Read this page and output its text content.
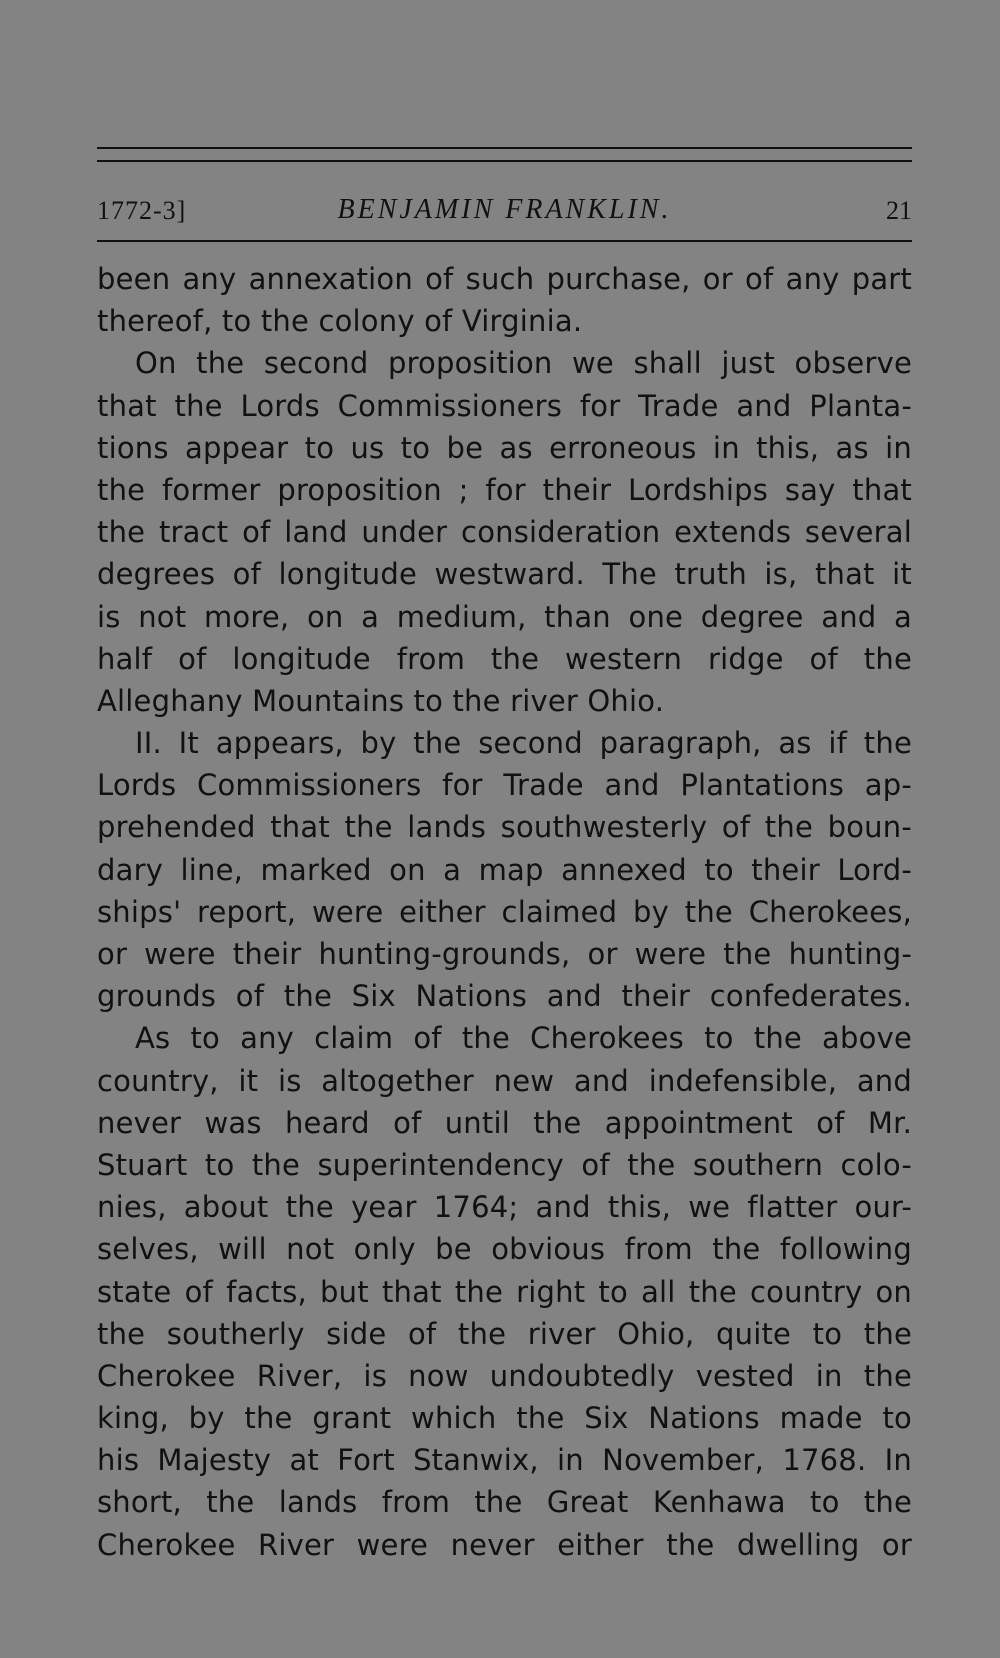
1772-3]	BENJAMIN FRANKLIN.	21
been any annexation of such purchase, or of any part
thereof, to the colony of Virginia.
On the second proposition we shall just observe
that the Lords Commissioners for Trade and Planta-
tions appear to us to be as erroneous in this, as in
the former proposition ; for their Lordships say that
the tract of land under consideration extends several
degrees of longitude westward. The truth is, that it
is not more, on a medium, than one degree and a
half of longitude from the western ridge of the
Alleghany Mountains to the river Ohio.
II. It appears, by the second paragraph, as if the
Lords Commissioners for Trade and Plantations ap-
prehended that the lands southwesterly of the boun-
dary line, marked on a map annexed to their Lord-
ships' report, were either claimed by the Cherokees,
or were their hunting-grounds, or were the hunting-
grounds of the Six Nations and their confederates.
As to any claim of the Cherokees to the above
country, it is altogether new and indefensible, and
never was heard of until the appointment of Mr.
Stuart to the superintendency of the southern colo-
nies, about the year 1764; and this, we flatter our-
selves, will not only be obvious from the following
state of facts, but that the right to all the country on
the southerly side of the river Ohio, quite to the
Cherokee River, is now undoubtedly vested in the
king, by the grant which the Six Nations made to
his Majesty at Fort Stanwix, in November, 1768. In
short, the lands from the Great Kenhawa to the
Cherokee River were never either the dwelling or
